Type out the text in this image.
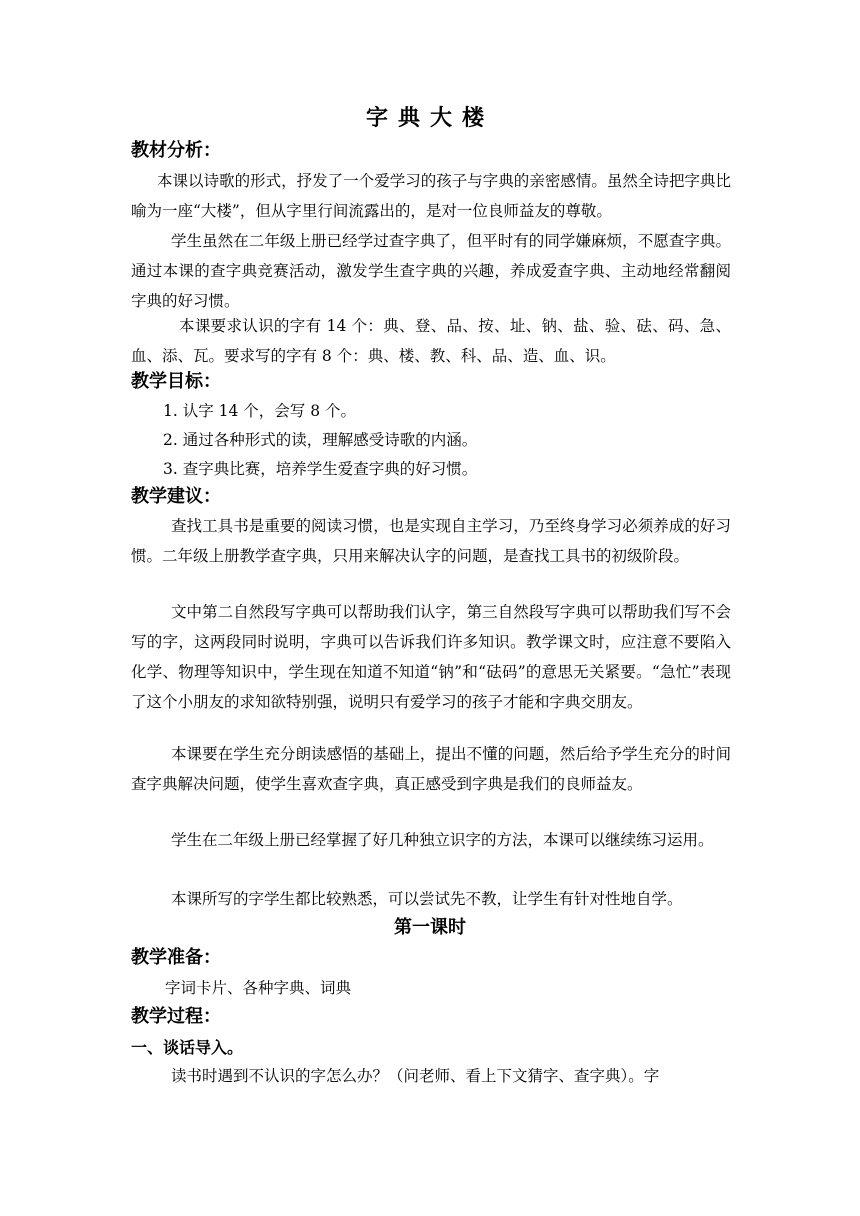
字典大楼
教材分析：
本课以诗歌的形式，抒发了一个爱学习的孩子与字典的亲密感情。虽然全诗把字典比喻为一座“大楼”，但从字里行间流露出的，是对一位良师益友的尊敬。
学生虽然在二年级上册已经学过查字典了，但平时有的同学嫌麻烦，不愿查字典。通过本课的查字典竞赛活动，激发学生查字典的兴趣，养成爱查字典、主动地经常翻阅字典的好习惯。
本课要求认识的字有 14 个：典、登、品、按、址、钠、盐、验、砝、码、急、血、添、瓦。要求写的字有 8 个：典、楼、教、科、品、造、血、识。
教学目标：
1. 认字 14 个，会写 8 个。
2. 通过各种形式的读，理解感受诗歌的内涵。
3. 查字典比赛，培养学生爱查字典的好习惯。
教学建议：
查找工具书是重要的阅读习惯，也是实现自主学习，乃至终身学习必须养成的好习惯。二年级上册教学查字典，只用来解决认字的问题，是查找工具书的初级阶段。
文中第二自然段写字典可以帮助我们认字，第三自然段写字典可以帮助我们写不会写的字，这两段同时说明，字典可以告诉我们许多知识。教学课文时，应注意不要陷入化学、物理等知识中，学生现在知道不知道“钠”和“砝码”的意思无关紧要。“急忙”表现了这个小朋友的求知欲特别强，说明只有爱学习的孩子才能和字典交朋友。
本课要在学生充分朗读感悟的基础上，提出不懂的问题，然后给予学生充分的时间查字典解决问题，使学生喜欢查字典，真正感受到字典是我们的良师益友。
学生在二年级上册已经掌握了好几种独立识字的方法，本课可以继续练习运用。
本课所写的字学生都比较熟悉，可以尝试先不教，让学生有针对性地自学。
第一课时
教学准备：
字词卡片、各种字典、词典
教学过程：
一、谈话导入。
读书时遇到不认识的字怎么办？（问老师、看上下文猜字、查字典）。字
